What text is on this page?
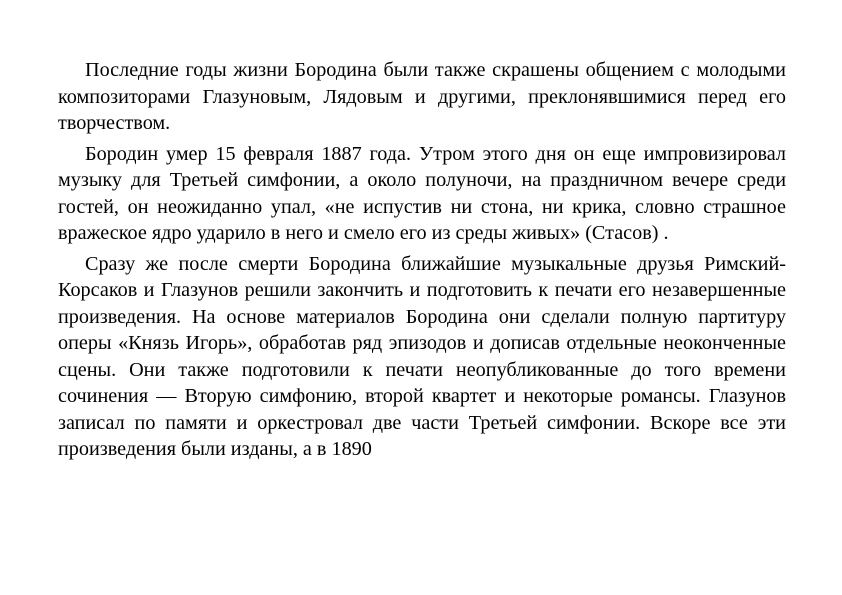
Последние годы жизни Бородина были также скрашены общением с молодыми композиторами Глазуновым, Лядовым и другими, преклонявшимися перед его творчеством.

Бородин умер 15 февраля 1887 года. Утром этого дня он еще импровизировал музыку для Третьей симфонии, а около полуночи, на праздничном вечере среди гостей, он неожиданно упал, «не испустив ни стона, ни крика, словно страшное вражеское ядро ударило в него и смело его из среды живых» (Стасов) .

Сразу же после смерти Бородина ближайшие музыкальные друзья Римский-Корсаков и Глазунов решили закончить и подготовить к печати его незавершенные произведения. На основе материалов Бородина они сделали полную партитуру оперы «Князь Игорь», обработав ряд эпизодов и дописав отдельные неоконченные сцены. Они также подготовили к печати неопубликованные до того времени сочинения — Вторую симфонию, второй квартет и некоторые романсы. Глазунов записал по памяти и оркестровал две части Третьей симфонии. Вскоре все эти произведения были изданы, а в 1890
